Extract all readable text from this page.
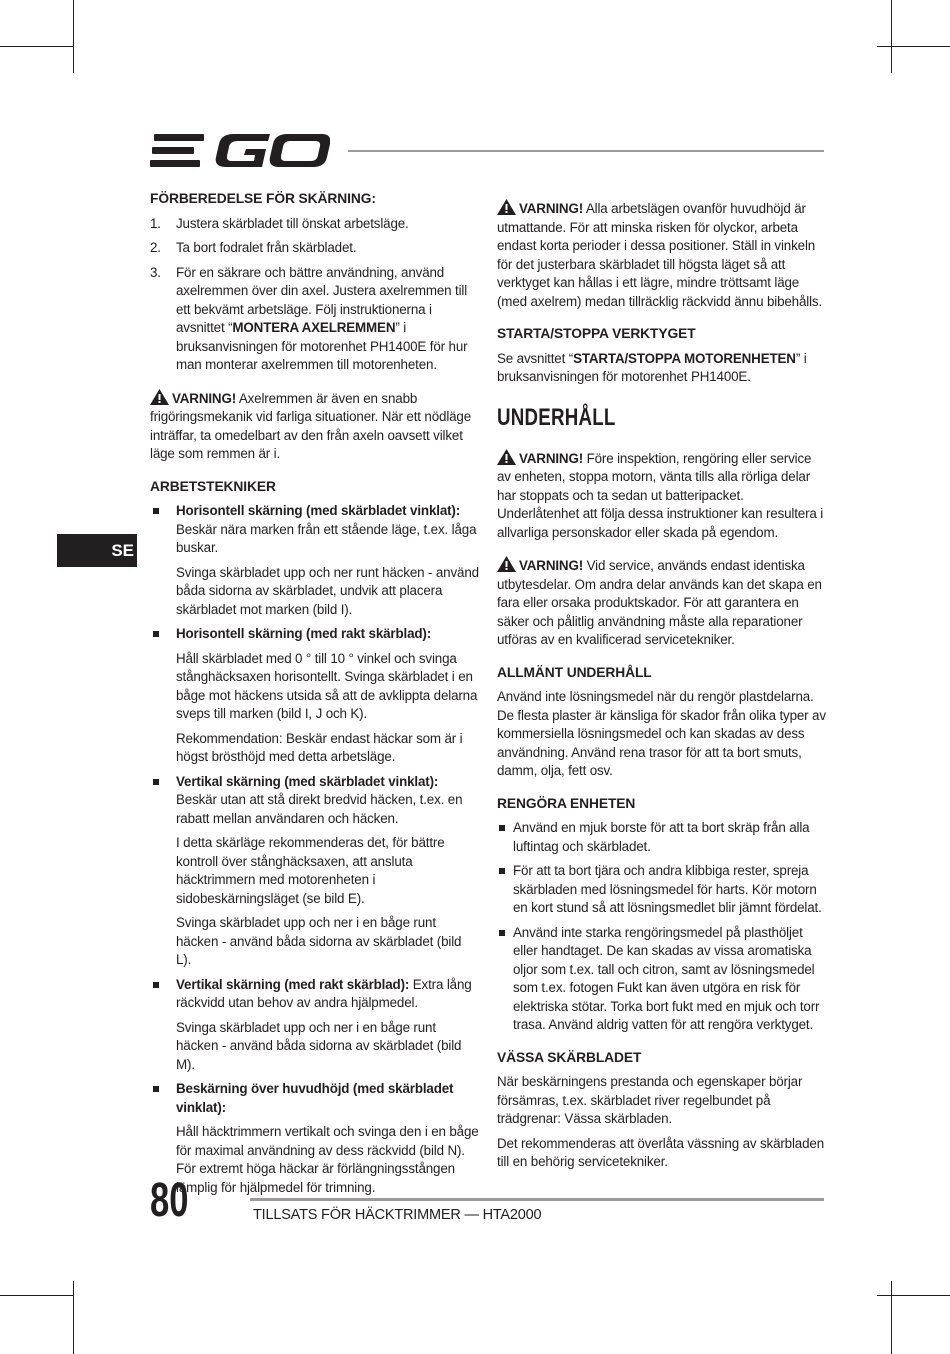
SE
FÖRBEREDELSE FÖR SKÄRNING:
1. Justera skärbladet till önskat arbetsläge.
2. Ta bort fodralet från skärbladet.
3. För en säkrare och bättre användning, använd axelremmen över din axel. Justera axelremmen till ett bekvämt arbetsläge. Följ instruktionerna i avsnittet “MONTERA AXELREMMEN” i bruksanvisningen för motorenhet PH1400E för hur man monterar axelremmen till motorenheten.

VARNING! Axelremmen är även en snabb frigöringsmekanik vid farliga situationer. När ett nödläge inträffar, ta omedelbart av den från axeln oavsett vilket läge som remmen är i.

ARBETSTEKNIKER
Horisontell skärning (med skärbladet vinklat): Beskär nära marken från ett stående läge, t.ex. låga buskar.

Svinga skärbladet upp och ner runt häcken - använd båda sidorna av skärbladet, undvik att placera skärbladet mot marken (bild I).

Horisontell skärning (med rakt skärblad):

Håll skärbladet med 0 ° till 10 ° vinkel och svinga stånghäcksaxen horisontellt. Svinga skärbladet i en båge mot häckens utsida så att de avklippta delarna sveps till marken (bild I, J och K).

Rekommendation: Beskär endast häckar som är i högst brösthöjd med detta arbetsläge.

Vertikal skärning (med skärbladet vinklat): Beskär utan att stå direkt bredvid häcken, t.ex. en rabatt mellan användaren och häcken.

I detta skärläge rekommenderas det, för bättre kontroll över stånghäcksaxen, att ansluta häcktrimmern med motorenheten i sidobeskärningsläget (se bild E).

Svinga skärbladet upp och ner i en båge runt häcken - använd båda sidorna av skärbladet (bild L).

Vertikal skärning (med rakt skärblad): Extra lång räckvidd utan behov av andra hjälpmedel.

Svinga skärbladet upp och ner i en båge runt häcken - använd båda sidorna av skärbladet (bild M).

Beskärning över huvudhöjd (med skärbladet vinklat):

Håll häcktrimmern vertikalt och svinga den i en båge för maximal användning av dess räckvidd (bild N). För extremt höga häckar är förlängningsstången lämplig för hjälpmedel för trimning.

VARNING! Alla arbetslägen ovanför huvudhöjd är utmattande. För att minska risken för olyckor, arbeta endast korta perioder i dessa positioner. Ställ in vinkeln för det justerbara skärbladet till högsta läget så att verktyget kan hållas i ett lägre, mindre tröttsamt läge (med axelrem) medan tillräcklig räckvidd ännu bibehålls.

STARTA/STOPPA VERKTYGET

Se avsnittet “STARTA/STOPPA MOTORENHETEN” i bruksanvisningen för motorenhet PH1400E.

UNDERHÅLL

VARNING! Före inspektion, rengöring eller service av enheten, stoppa motorn, vänta tills alla rörliga delar har stoppats och ta sedan ut batteripacket. Underlåtenhet att följa dessa instruktioner kan resultera i allvarliga personskador eller skada på egendom.

VARNING! Vid service, används endast identiska utbytesdelar. Om andra delar används kan det skapa en fara eller orsaka produktskador. För att garantera en säker och pålitlig användning måste alla reparationer utföras av en kvalificerad servicetekniker.

ALLMÄNT UNDERHÅLL

Använd inte lösningsmedel när du rengör plastdelarna. De flesta plaster är känsliga för skador från olika typer av kommersiella lösningsmedel och kan skadas av dess användning. Använd rena trasor för att ta bort smuts, damm, olja, fett osv.

RENGÖRA ENHETEN
Använd en mjuk borste för att ta bort skräp från alla luftintag och skärbladet.
För att ta bort tjära och andra klibbiga rester, spreja skärbladen med lösningsmedel för harts. Kör motorn en kort stund så att lösningsmedlet blir jämnt fördelat.
Använd inte starka rengöringsmedel på plasthöljet eller handtaget. De kan skadas av vissa aromatiska oljor som t.ex. tall och citron, samt av lösningsmedel som t.ex. fotogen Fukt kan även utgöra en risk för elektriska stötar. Torka bort fukt med en mjuk och torr trasa. Använd aldrig vatten för att rengöra verktyget.
VÄSSA SKÄRBLADET

När beskärningens prestanda och egenskaper börjar försämras, t.ex. skärbladet river regelbundet på trädgrenar: Vässa skärbladen.

Det rekommenderas att överlåta vässning av skärbladen till en behörig servicetekniker.

80	TILLSATS FÖR HÄCKTRIMMER — HTA2000
